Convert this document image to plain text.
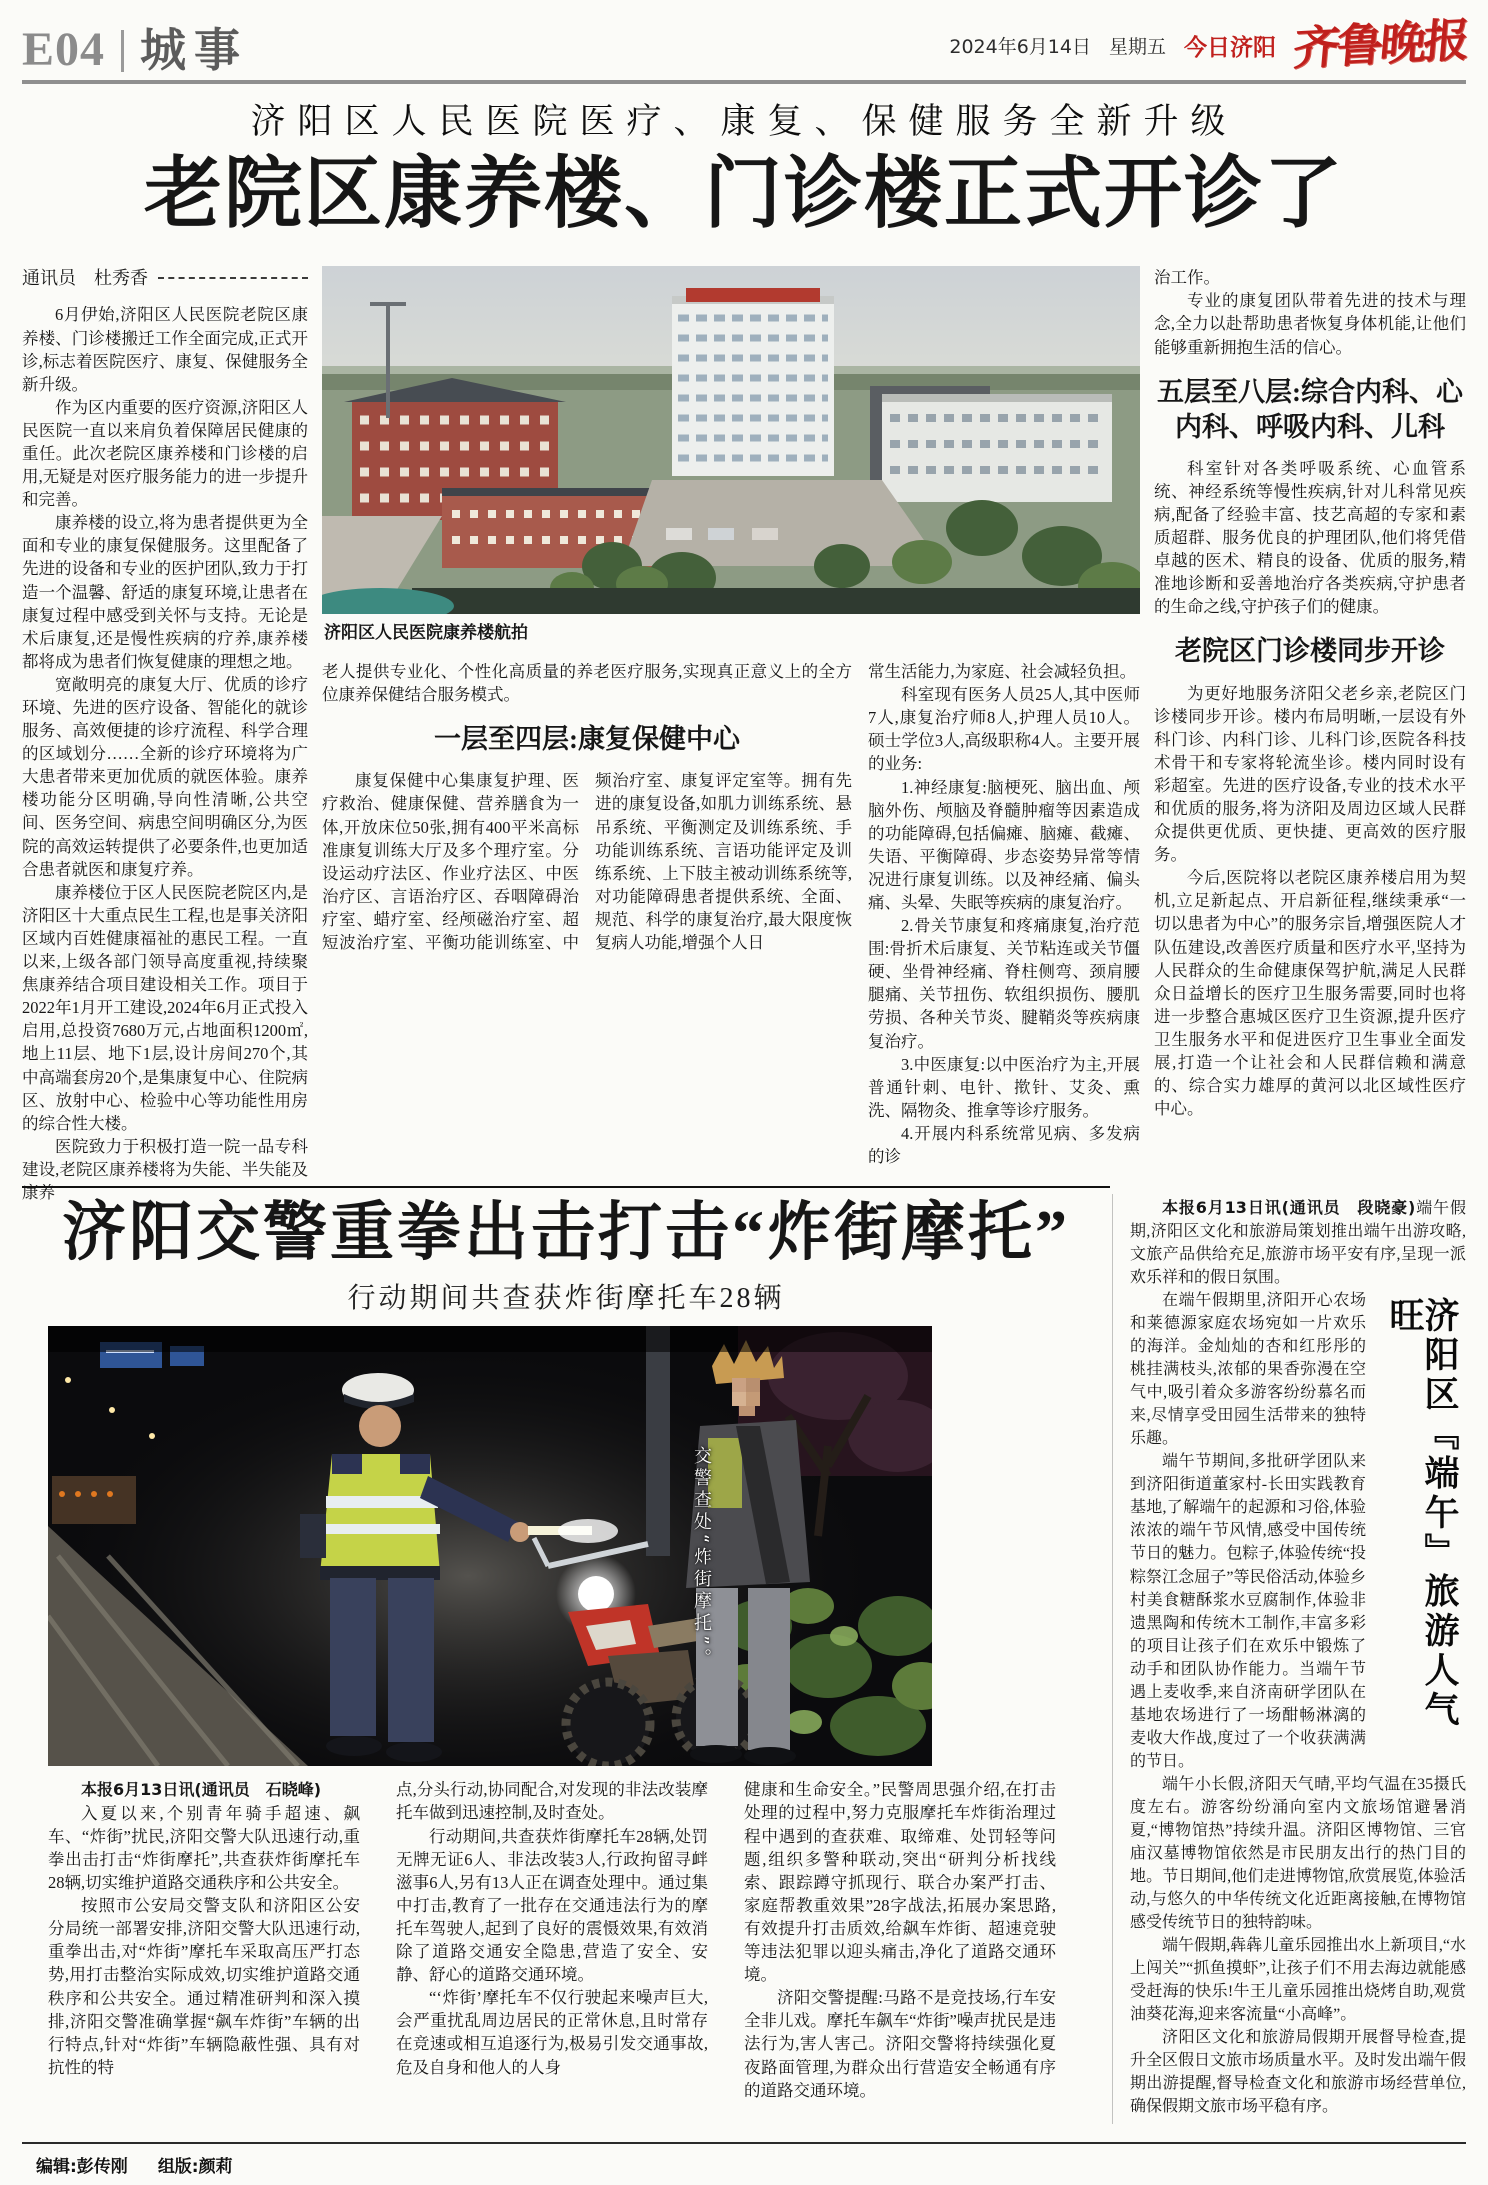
E04 城事	2024年6月14日 星期五 今日济阳 齐鲁晚报
济阳区人民医院医疗、康复、保健服务全新升级
老院区康养楼、门诊楼正式开诊了
通讯员　杜秀香

6月伊始,济阳区人民医院老院区康养楼、门诊楼搬迁工作全面完成,正式开诊,标志着医院医疗、康复、保健服务全新升级。

作为区内重要的医疗资源,济阳区人民医院一直以来肩负着保障居民健康的重任。此次老院区康养楼和门诊楼的启用,无疑是对医疗服务能力的进一步提升和完善。

康养楼的设立,将为患者提供更为全面和专业的康复保健服务。这里配备了先进的设备和专业的医护团队,致力于打造一个温馨、舒适的康复环境,让患者在康复过程中感受到关怀与支持。无论是术后康复,还是慢性疾病的疗养,康养楼都将成为患者们恢复健康的理想之地。

宽敞明亮的康复大厅、优质的诊疗环境、先进的医疗设备、智能化的就诊服务、高效便捷的诊疗流程、科学合理的区域划分……全新的诊疗环境将为广大患者带来更加优质的就医体验。康养楼功能分区明确,导向性清晰,公共空间、医务空间、病患空间明确区分,为医院的高效运转提供了必要条件,也更加适合患者就医和康复疗养。

康养楼位于区人民医院老院区内,是济阳区十大重点民生工程,也是事关济阳区域内百姓健康福祉的惠民工程。一直以来,上级各部门领导高度重视,持续聚焦康养结合项目建设相关工作。项目于2022年1月开工建设,2024年6月正式投入启用,总投资7680万元,占地面积1200㎡,地上11层、地下1层,设计房间270个,其中高端套房20个,是集康复中心、住院病区、放射中心、检验中心等功能性用房的综合性大楼。

医院致力于积极打造一院一品专科建设,老院区康养楼将为失能、半失能及康养

济阳区人民医院康养楼航拍

老人提供专业化、个性化高质量的养老医疗服务,实现真正意义上的全方位康养保健结合服务模式。

一层至四层:康复保健中心

康复保健中心集康复护理、医疗救治、健康保健、营养膳食为一体,开放床位50张,拥有400平米高标准康复训练大厅及多个理疗室。分设运动疗法区、作业疗法区、中医治疗区、言语治疗区、吞咽障碍治疗室、蜡疗室、经颅磁治疗室、超短波治疗室、平衡功能训练室、中频治疗室、康复评定室等。拥有先进的康复设备,如肌力训练系统、悬吊系统、平衡测定及训练系统、手功能训练系统、言语功能评定及训练系统、上下肢主被动训练系统等,对功能障碍患者提供系统、全面、规范、科学的康复治疗,最大限度恢复病人功能,增强个人日

常生活能力,为家庭、社会减轻负担。

科室现有医务人员25人,其中医师7人,康复治疗师8人,护理人员10人。硕士学位3人,高级职称4人。主要开展的业务:

1.神经康复:脑梗死、脑出血、颅脑外伤、颅脑及脊髓肿瘤等因素造成的功能障碍,包括偏瘫、脑瘫、截瘫、失语、平衡障碍、步态姿势异常等情况进行康复训练。以及神经痛、偏头痛、头晕、失眠等疾病的康复治疗。

2.骨关节康复和疼痛康复,治疗范围:骨折术后康复、关节粘连或关节僵硬、坐骨神经痛、脊柱侧弯、颈肩腰腿痛、关节扭伤、软组织损伤、腰肌劳损、各种关节炎、腱鞘炎等疾病康复治疗。

3.中医康复:以中医治疗为主,开展普通针刺、电针、揿针、艾灸、熏洗、隔物灸、推拿等诊疗服务。

4.开展内科系统常见病、多发病的诊

治工作。

专业的康复团队带着先进的技术与理念,全力以赴帮助患者恢复身体机能,让他们能够重新拥抱生活的信心。

五层至八层:综合内科、心内科、呼吸内科、儿科

科室针对各类呼吸系统、心血管系统、神经系统等慢性疾病,针对儿科常见疾病,配备了经验丰富、技艺高超的专家和素质超群、服务优良的护理团队,他们将凭借卓越的医术、精良的设备、优质的服务,精准地诊断和妥善地治疗各类疾病,守护患者的生命之线,守护孩子们的健康。

老院区门诊楼同步开诊

为更好地服务济阳父老乡亲,老院区门诊楼同步开诊。楼内布局明晰,一层设有外科门诊、内科门诊、儿科门诊,医院各科技术骨干和专家将轮流坐诊。楼内同时设有彩超室。先进的医疗设备,专业的技术水平和优质的服务,将为济阳及周边区域人民群众提供更优质、更快捷、更高效的医疗服务。

今后,医院将以老院区康养楼启用为契机,立足新起点、开启新征程,继续秉承“一切以患者为中心”的服务宗旨,增强医院人才队伍建设,改善医疗质量和医疗水平,坚持为人民群众的生命健康保驾护航,满足人民群众日益增长的医疗卫生服务需要,同时也将进一步整合惠城区医疗卫生资源,提升医疗卫生服务水平和促进医疗卫生事业全面发展,打造一个让社会和人民群信赖和满意的、综合实力雄厚的黄河以北区域性医疗中心。

济阳交警重拳出击打击“炸街摩托”
行动期间共查获炸街摩托车28辆
交警查处“炸街摩托”。

本报6月13日讯(通讯员　石晓峰)

入夏以来,个别青年骑手超速、飙车、“炸街”扰民,济阳交警大队迅速行动,重拳出击打击“炸街摩托”,共查获炸街摩托车28辆,切实维护道路交通秩序和公共安全。

按照市公安局交警支队和济阳区公安分局统一部署安排,济阳交警大队迅速行动,重拳出击,对“炸街”摩托车采取高压严打态势,用打击整治实际成效,切实维护道路交通秩序和公共安全。通过精准研判和深入摸排,济阳交警准确掌握“飙车炸街”车辆的出行特点,针对“炸街”车辆隐蔽性强、具有对抗性的特

点,分头行动,协同配合,对发现的非法改装摩托车做到迅速控制,及时查处。

行动期间,共查获炸街摩托车28辆,处罚无牌无证6人、非法改装3人,行政拘留寻衅滋事6人,另有13人正在调查处理中。通过集中打击,教育了一批存在交通违法行为的摩托车驾驶人,起到了良好的震慑效果,有效消除了道路交通安全隐患,营造了安全、安静、舒心的道路交通环境。

“‘炸街’摩托车不仅行驶起来噪声巨大,会严重扰乱周边居民的正常休息,且时常存在竞速或相互追逐行为,极易引发交通事故,危及自身和他人的人身

健康和生命安全。”民警周思强介绍,在打击处理的过程中,努力克服摩托车炸街治理过程中遇到的查获难、取缔难、处罚轻等问题,组织多警种联动,突出“研判分析找线索、跟踪蹲守抓现行、联合办案严打击、家庭帮教重效果”28字战法,拓展办案思路,有效提升打击质效,给飙车炸街、超速竞驶等违法犯罪以迎头痛击,净化了道路交通环境。

济阳交警提醒:马路不是竞技场,行车安全非儿戏。摩托车飙车“炸街”噪声扰民是违法行为,害人害己。济阳交警将持续强化夏夜路面管理,为群众出行营造安全畅通有序的道路交通环境。

本报6月13日讯(通讯员　段晓豪)端午假期,济阳区文化和旅游局策划推出端午出游攻略,文旅产品供给充足,旅游市场平安有序,呈现一派欢乐祥和的假日氛围。

济阳区『端午』旅游人气旺

在端午假期里,济阳开心农场和莱德源家庭农场宛如一片欢乐的海洋。金灿灿的杏和红彤彤的桃挂满枝头,浓郁的果香弥漫在空气中,吸引着众多游客纷纷慕名而来,尽情享受田园生活带来的独特乐趣。

端午节期间,多批研学团队来到济阳街道董家村-长田实践教育基地,了解端午的起源和习俗,体验浓浓的端午节风情,感受中国传统节日的魅力。包粽子,体验传统“投粽祭江念屈子”等民俗活动,体验乡村美食糖酥浆水豆腐制作,体验非遗黑陶和传统木工制作,丰富多彩的项目让孩子们在欢乐中锻炼了动手和团队协作能力。当端午节遇上麦收季,来自济南研学团队在基地农场进行了一场酣畅淋漓的麦收大作战,度过了一个收获满满的节日。

端午小长假,济阳天气晴,平均气温在35摄氏度左右。游客纷纷涌向室内文旅场馆避暑消夏,“博物馆热”持续升温。济阳区博物馆、三官庙汉墓博物馆依然是市民朋友出行的热门目的地。节日期间,他们走进博物馆,欣赏展览,体验活动,与悠久的中华传统文化近距离接触,在博物馆感受传统节日的独特韵味。

端午假期,犇犇儿童乐园推出水上新项目,“水上闯关”“抓鱼摸虾”,让孩子们不用去海边就能感受赶海的快乐!牛王儿童乐园推出烧烤自助,观赏油葵花海,迎来客流量“小高峰”。

济阳区文化和旅游局假期开展督导检查,提升全区假日文旅市场质量水平。及时发出端午假期出游提醒,督导检查文化和旅游市场经营单位,确保假期文旅市场平稳有序。

编辑:彭传刚 组版:颜莉
